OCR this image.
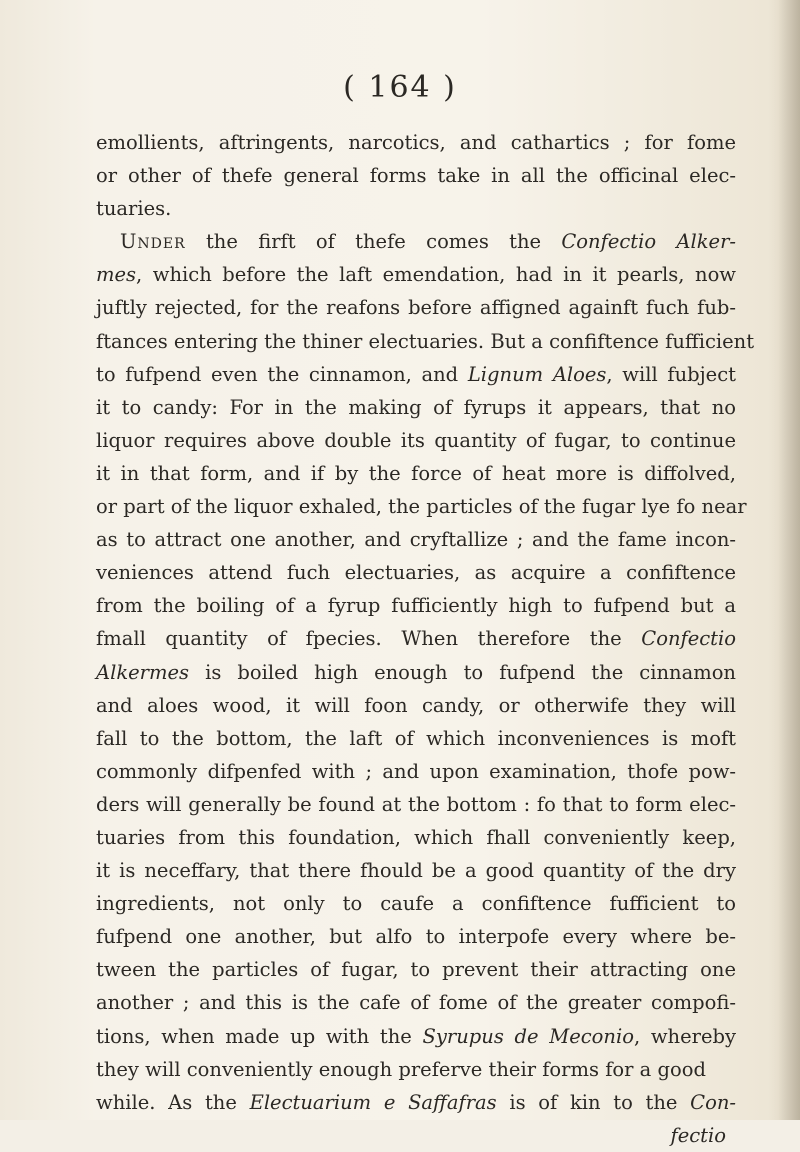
( 164 )
emollients, aftringents, narcotics, and cathartics ; for fome
or other of thefe general forms take in all the officinal elec-
tuaries.
Under the firft of thefe comes the Confectio Alker-
mes, which before the laft emendation, had in it pearls, now
juftly rejected, for the reafons before affigned againft fuch fub-
ftances entering the thiner electuaries. But a confiftence fufficient
to fufpend even the cinnamon, and Lignum Aloes, will fubject
it to candy: For in the making of fyrups it appears, that no
liquor requires above double its quantity of fugar, to continue
it in that form, and if by the force of heat more is diffolved,
or part of the liquor exhaled, the particles of the fugar lye fo near
as to attract one another, and cryftallize ; and the fame incon-
veniences attend fuch electuaries, as acquire a confiftence
from the boiling of a fyrup fufficiently high to fufpend but a
fmall quantity of fpecies. When therefore the Confectio
Alkermes is boiled high enough to fufpend the cinnamon
and aloes wood, it will foon candy, or otherwife they will
fall to the bottom, the laft of which inconveniences is moft
commonly difpenfed with ; and upon examination, thofe pow-
ders will generally be found at the bottom : fo that to form elec-
tuaries from this foundation, which fhall conveniently keep,
it is neceffary, that there fhould be a good quantity of the dry
ingredients, not only to caufe a confiftence fufficient to
fufpend one another, but alfo to interpofe every where be-
tween the particles of fugar, to prevent their attracting one
another ; and this is the cafe of fome of the greater compofi-
tions, when made up with the Syrupus de Meconio, whereby
they will conveniently enough preferve their forms for a good
while. As the Electuarium e Saffafras is of kin to the Con-
fectio
